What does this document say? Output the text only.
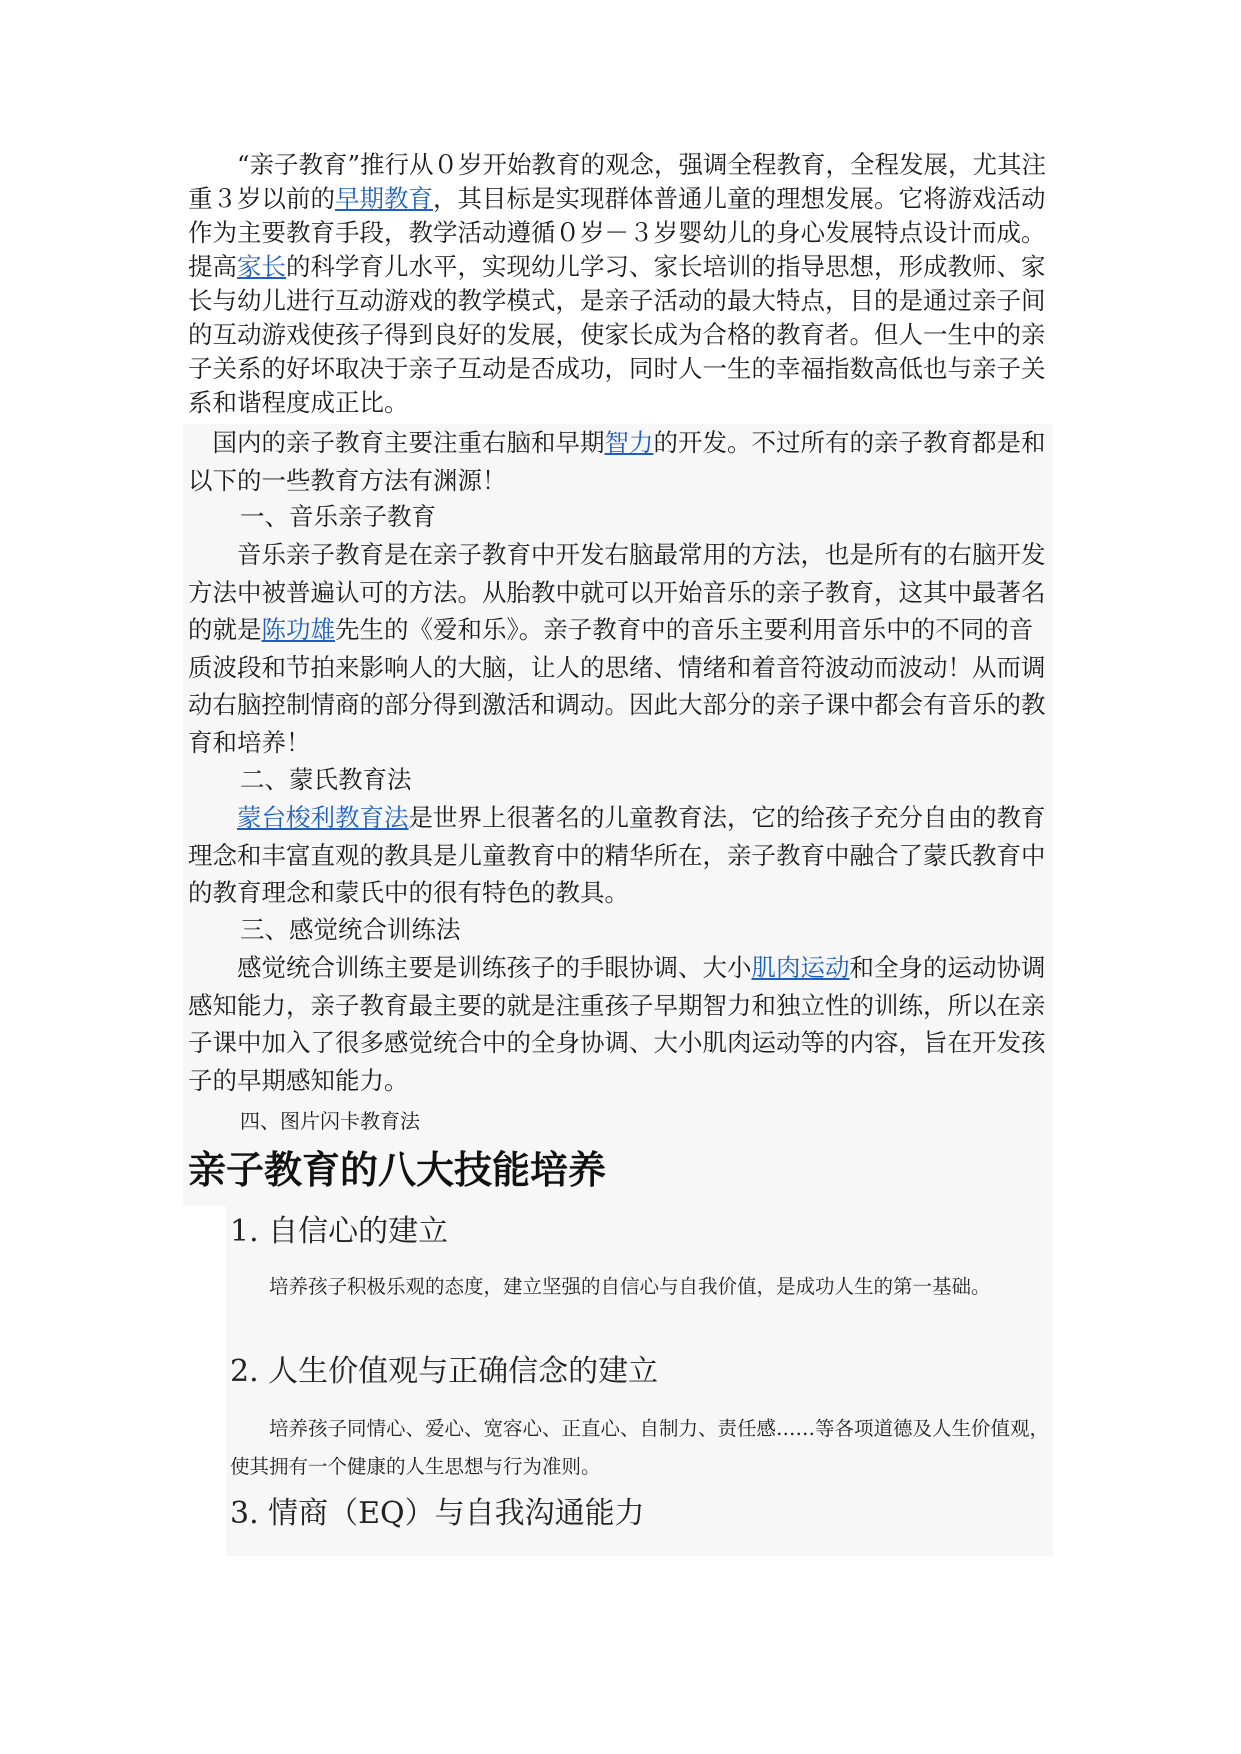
“亲子教育”推行从０岁开始教育的观念，强调全程教育，全程发展，尤其注重３岁以前的早期教育，其目标是实现群体普通儿童的理想发展。它将游戏活动作为主要教育手段，教学活动遵循０岁－３岁婴幼儿的身心发展特点设计而成。提高家长的科学育儿水平，实现幼儿学习、家长培训的指导思想，形成教师、家长与幼儿进行互动游戏的教学模式，是亲子活动的最大特点，目的是通过亲子间的互动游戏使孩子得到良好的发展，使家长成为合格的教育者。但人一生中的亲子关系的好坏取决于亲子互动是否成功，同时人一生的幸福指数高低也与亲子关系和谐程度成正比。

国内的亲子教育主要注重右脑和早期智力的开发。不过所有的亲子教育都是和以下的一些教育方法有渊源！

一、音乐亲子教育

音乐亲子教育是在亲子教育中开发右脑最常用的方法，也是所有的右脑开发方法中被普遍认可的方法。从胎教中就可以开始音乐的亲子教育，这其中最著名的就是陈功雄先生的《爱和乐》。亲子教育中的音乐主要利用音乐中的不同的音质波段和节拍来影响人的大脑，让人的思绪、情绪和着音符波动而波动！从而调动右脑控制情商的部分得到激活和调动。因此大部分的亲子课中都会有音乐的教育和培养！

二、蒙氏教育法

蒙台梭利教育法是世界上很著名的儿童教育法，它的给孩子充分自由的教育理念和丰富直观的教具是儿童教育中的精华所在，亲子教育中融合了蒙氏教育中的教育理念和蒙氏中的很有特色的教具。

三、感觉统合训练法

感觉统合训练主要是训练孩子的手眼协调、大小肌肉运动和全身的运动协调感知能力，亲子教育最主要的就是注重孩子早期智力和独立性的训练，所以在亲子课中加入了很多感觉统合中的全身协调、大小肌肉运动等的内容，旨在开发孩子的早期感知能力。

四、图片闪卡教育法
亲子教育的八大技能培养
1. 自信心的建立
培养孩子积极乐观的态度，建立坚强的自信心与自我价值，是成功人生的第一基础。
2. 人生价值观与正确信念的建立
培养孩子同情心、爱心、宽容心、正直心、自制力、责任感……等各项道德及人生价值观，使其拥有一个健康的人生思想与行为准则。
3. 情商（EQ）与自我沟通能力
